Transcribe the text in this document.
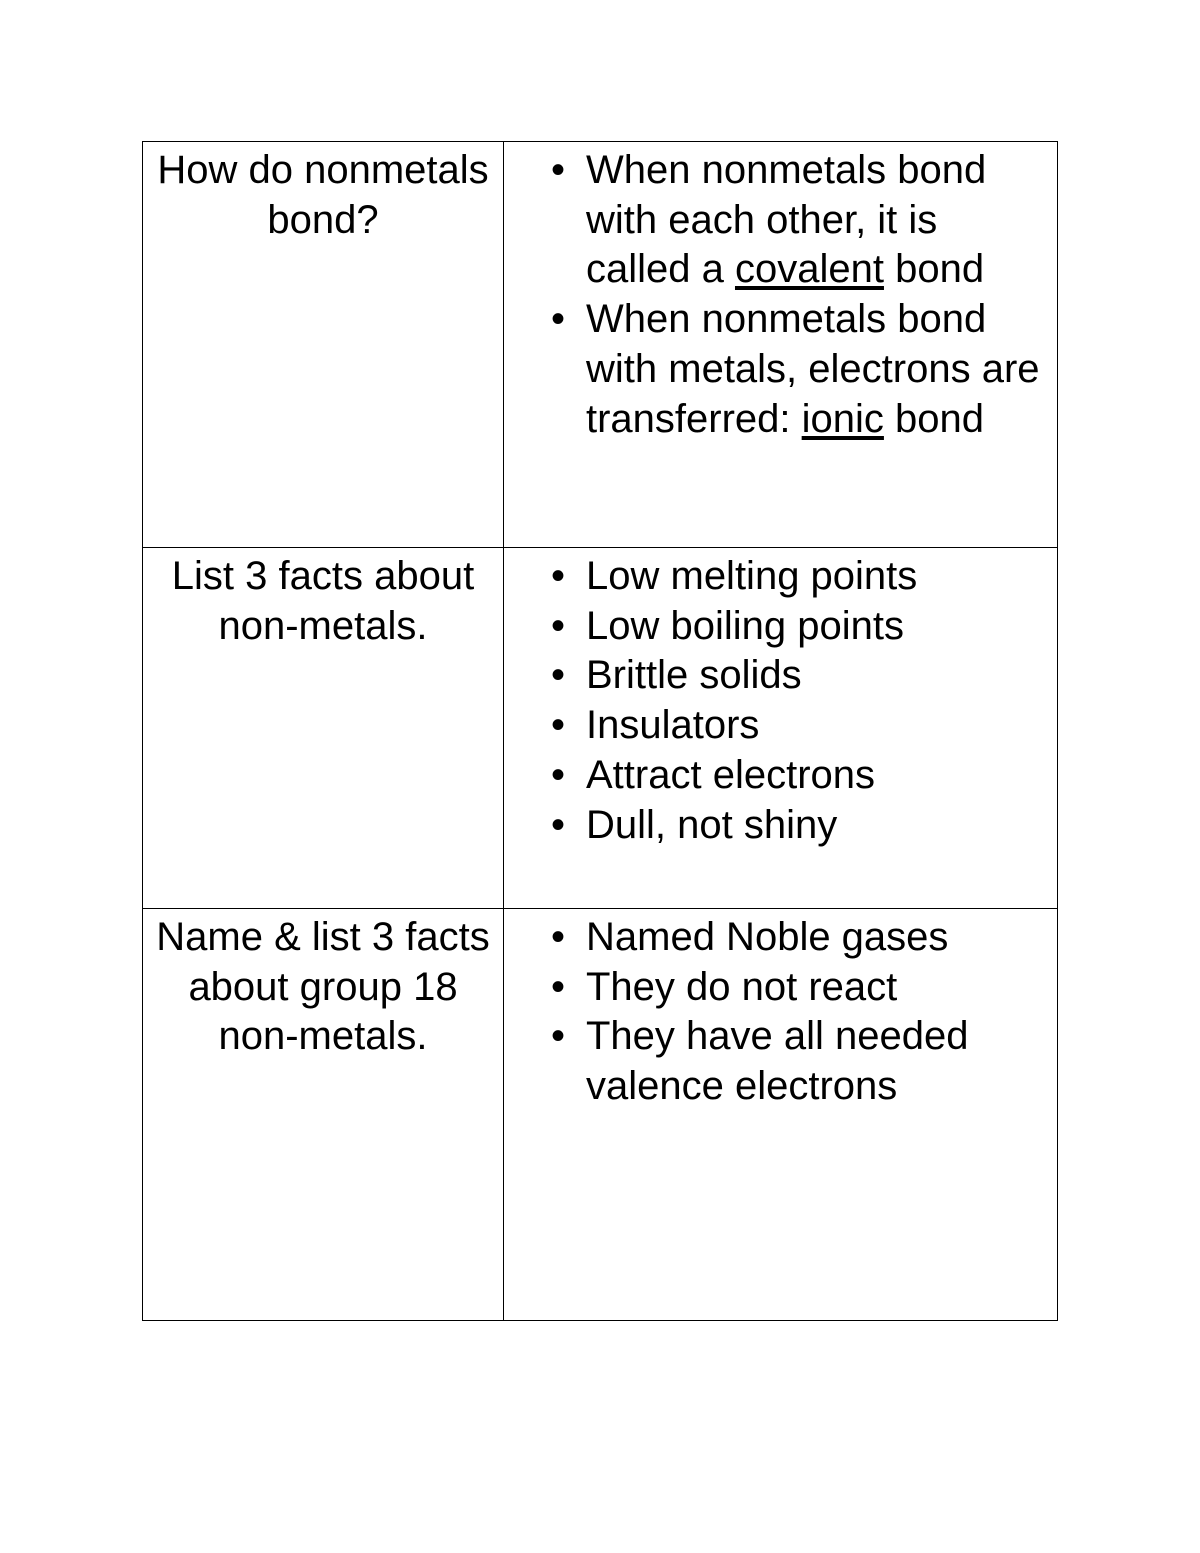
How do nonmetals bond?
• When nonmetals bond with each other, it is called a covalent bond
• When nonmetals bond with metals, electrons are transferred: ionic bond
List 3 facts about non-metals.
• Low melting points
• Low boiling points
• Brittle solids
• Insulators
• Attract electrons
• Dull, not shiny
Name & list 3 facts about group 18 non-metals.
• Named Noble gases
• They do not react
• They have all needed valence electrons
